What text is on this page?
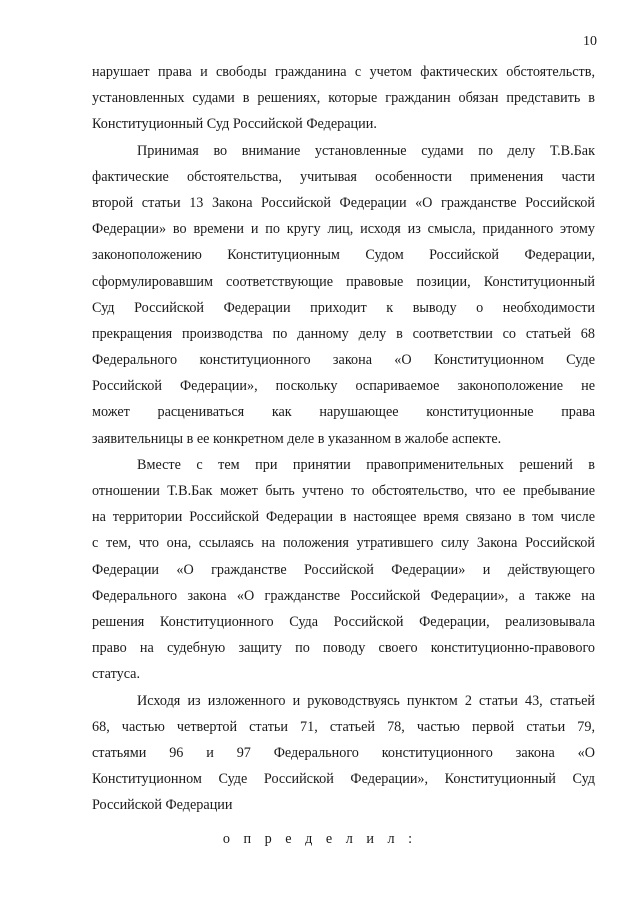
10

нарушает права и свободы гражданина с учетом фактических обстоятельств,
установленных судами в решениях, которые гражданин обязан представить в
Конституционный Суд Российской Федерации.

Принимая во внимание установленные судами по делу Т.В.Бак
фактические обстоятельства, учитывая особенности применения части
второй статьи 13 Закона Российской Федерации «О гражданстве Российской
Федерации» во времени и по кругу лиц, исходя из смысла, приданного этому
законоположению Конституционным Судом Российской Федерации,
сформулировавшим соответствующие правовые позиции, Конституционный
Суд Российской Федерации приходит к выводу о необходимости
прекращения производства по данному делу в соответствии со статьей 68
Федерального конституционного закона «О Конституционном Суде
Российской Федерации», поскольку оспариваемое законоположение не
может расцениваться как нарушающее конституционные права
заявительницы в ее конкретном деле в указанном в жалобе аспекте.

Вместе с тем при принятии правоприменительных решений в
отношении Т.В.Бак может быть учтено то обстоятельство, что ее пребывание
на территории Российской Федерации в настоящее время связано в том числе
с тем, что она, ссылаясь на положения утратившего силу Закона Российской
Федерации «О гражданстве Российской Федерации» и действующего
Федерального закона «О гражданстве Российской Федерации», а также на
решения Конституционного Суда Российской Федерации, реализовывала
право на судебную защиту по поводу своего конституционно-правового
статуса.

Исходя из изложенного и руководствуясь пунктом 2 статьи 43, статьей
68, частью четвертой статьи 71, статьей 78, частью первой статьи 79,
статьями 96 и 97 Федерального конституционного закона «О
Конституционном Суде Российской Федерации», Конституционный Суд
Российской Федерации

о п р е д е л и л :
